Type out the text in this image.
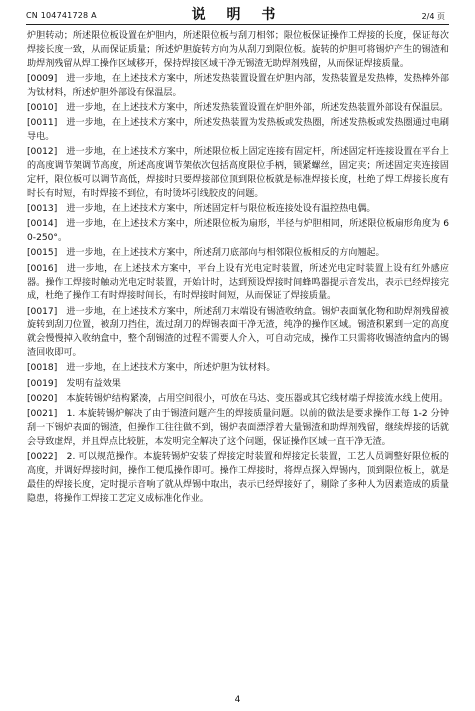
CN 104741728 A	说 明 书	2/4 页

炉胆转动；所述限位板设置在炉胆内，所述限位板与刮刀相邻；限位板保证操作工焊接的长度，保证每次焊接长度一致，从而保证质量；所述炉胆旋转方向为从刮刀到限位板。旋转的炉胆可将锡炉产生的锡渣和助焊剂残留从焊工操作区域移开，保持焊接区域干净无锡渣无助焊剂残留，从而保证焊接质量。

[0009]　进一步地，在上述技术方案中，所述发热装置设置在炉胆内部，发热装置是发热棒，发热棒外部为钛材料，所述炉胆外部设有保温层。

[0010]　进一步地，在上述技术方案中，所述发热装置设置在炉胆外部，所述发热装置外部设有保温层。

[0011]　进一步地，在上述技术方案中，所述发热装置为发热板或发热圈，所述发热板或发热圈通过电刷导电。

[0012]　进一步地，在上述技术方案中，所述限位板上固定连接有固定杆，所述固定杆连接设置在平台上的高度调节架调节高度，所述高度调节架依次包括高度限位手柄，锁紧螺丝，固定夹；所述固定夹连接固定杆，限位板可以调节高低，焊接时只要焊接部位顶到限位板就是标准焊接长度，杜绝了焊工焊接长度有时长有时短，有时焊接不到位，有时烫坏引线胶皮的问题。

[0013]　进一步地，在上述技术方案中，所述固定杆与限位板连接处设有温控热电偶。

[0014]　进一步地，在上述技术方案中，所述限位板为扇形，半径与炉胆相同，所述限位板扇形角度为 60-250°。

[0015]　进一步地，在上述技术方案中，所述刮刀底部向与相邻限位板相反的方向翘起。

[0016]　进一步地，在上述技术方案中，平台上设有光电定时装置，所述光电定时装置上设有红外感应器。操作工焊接时触动光电定时装置，开始计时，达到预设焊接时间蜂鸣器提示音发出，表示已经焊接完成，杜绝了操作工有时焊接时间长，有时焊接时间短，从而保证了焊接质量。

[0017]　进一步地，在上述技术方案中，所述刮刀末端设有锡渣收纳盒。锡炉表面氧化物和助焊剂残留被旋转到刮刀位置，被刮刀挡住，流过刮刀的焊锡表面干净无渣，纯净的操作区域。锡渣积累到一定的高度就会慢慢掉入收纳盒中，整个刮锡渣的过程不需要人介入，可自动完成，操作工只需将收锡渣纳盒内的锡渣回收即可。

[0018]　进一步地，在上述技术方案中，所述炉胆为钛材料。

[0019]　发明有益效果

[0020]　本旋转锡炉结构紧凑，占用空间很小，可放在马达、变压器或其它线材端子焊接流水线上使用。

[0021]　1. 本旋转锡炉解决了由于锡渣问题产生的焊接质量问题。以前的做法是要求操作工每 1-2 分钟刮一下锡炉表面的锡渣，但操作工往往做不到，锡炉表面漂浮着大量锡渣和助焊剂残留，继续焊接的话就会导致虚焊，并且焊点比较脏，本发明完全解决了这个问题，保证操作区域一直干净无渣。

[0022]　2. 可以规范操作。本旋转锡炉安装了焊接定时装置和焊接定长装置，工艺人员调整好限位板的高度，并调好焊接时间，操作工便瓜操作即可。操作工焊接时，将焊点探入焊锡内，顶到限位板上，就是最佳的焊接长度，定时提示音响了就从焊锡中取出，表示已经焊接好了，剔除了多种人为因素造成的质量隐患，将操作工焊接工艺定义成标准化作业。

4
